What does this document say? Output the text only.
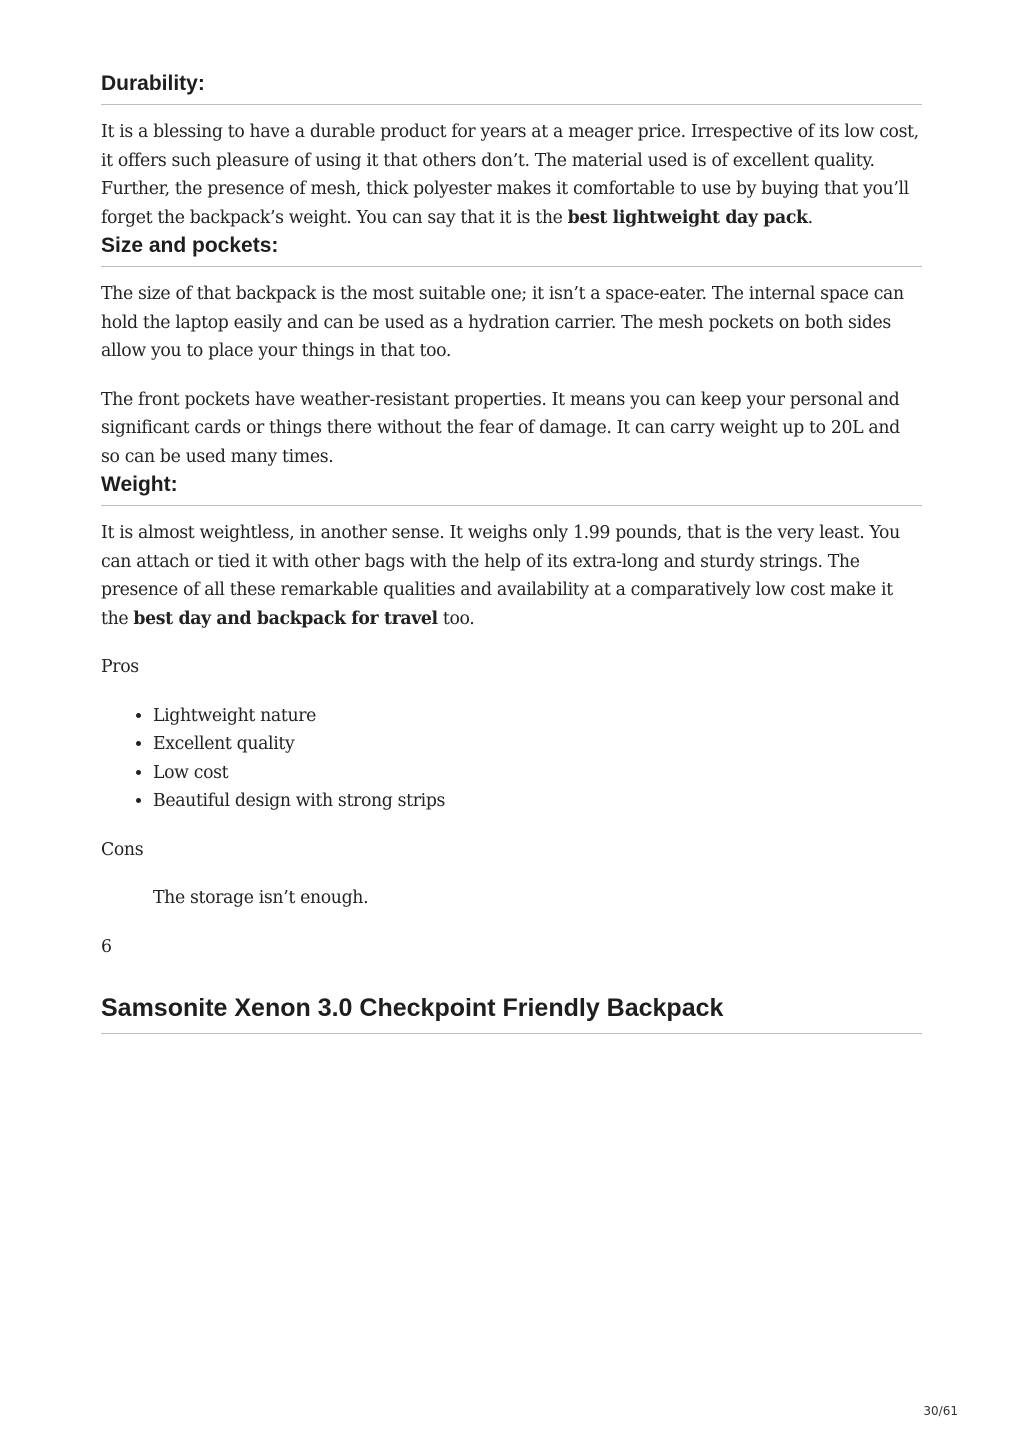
Durability:

It is a blessing to have a durable product for years at a meager price. Irrespective of its low cost, it offers such pleasure of using it that others don’t. The material used is of excellent quality. Further, the presence of mesh, thick polyester makes it comfortable to use by buying that you’ll forget the backpack’s weight. You can say that it is the best lightweight day pack.

Size and pockets:

The size of that backpack is the most suitable one; it isn’t a space-eater. The internal space can hold the laptop easily and can be used as a hydration carrier. The mesh pockets on both sides allow you to place your things in that too.

The front pockets have weather-resistant properties. It means you can keep your personal and significant cards or things there without the fear of damage. It can carry weight up to 20L and so can be used many times.

Weight:

It is almost weightless, in another sense. It weighs only 1.99 pounds, that is the very least. You can attach or tied it with other bags with the help of its extra-long and sturdy strings. The presence of all these remarkable qualities and availability at a comparatively low cost make it the best day and backpack for travel too.

Pros

• Lightweight nature
• Excellent quality
• Low cost
• Beautiful design with strong strips

Cons

The storage isn’t enough.

6

Samsonite Xenon 3.0 Checkpoint Friendly Backpack
30/61
